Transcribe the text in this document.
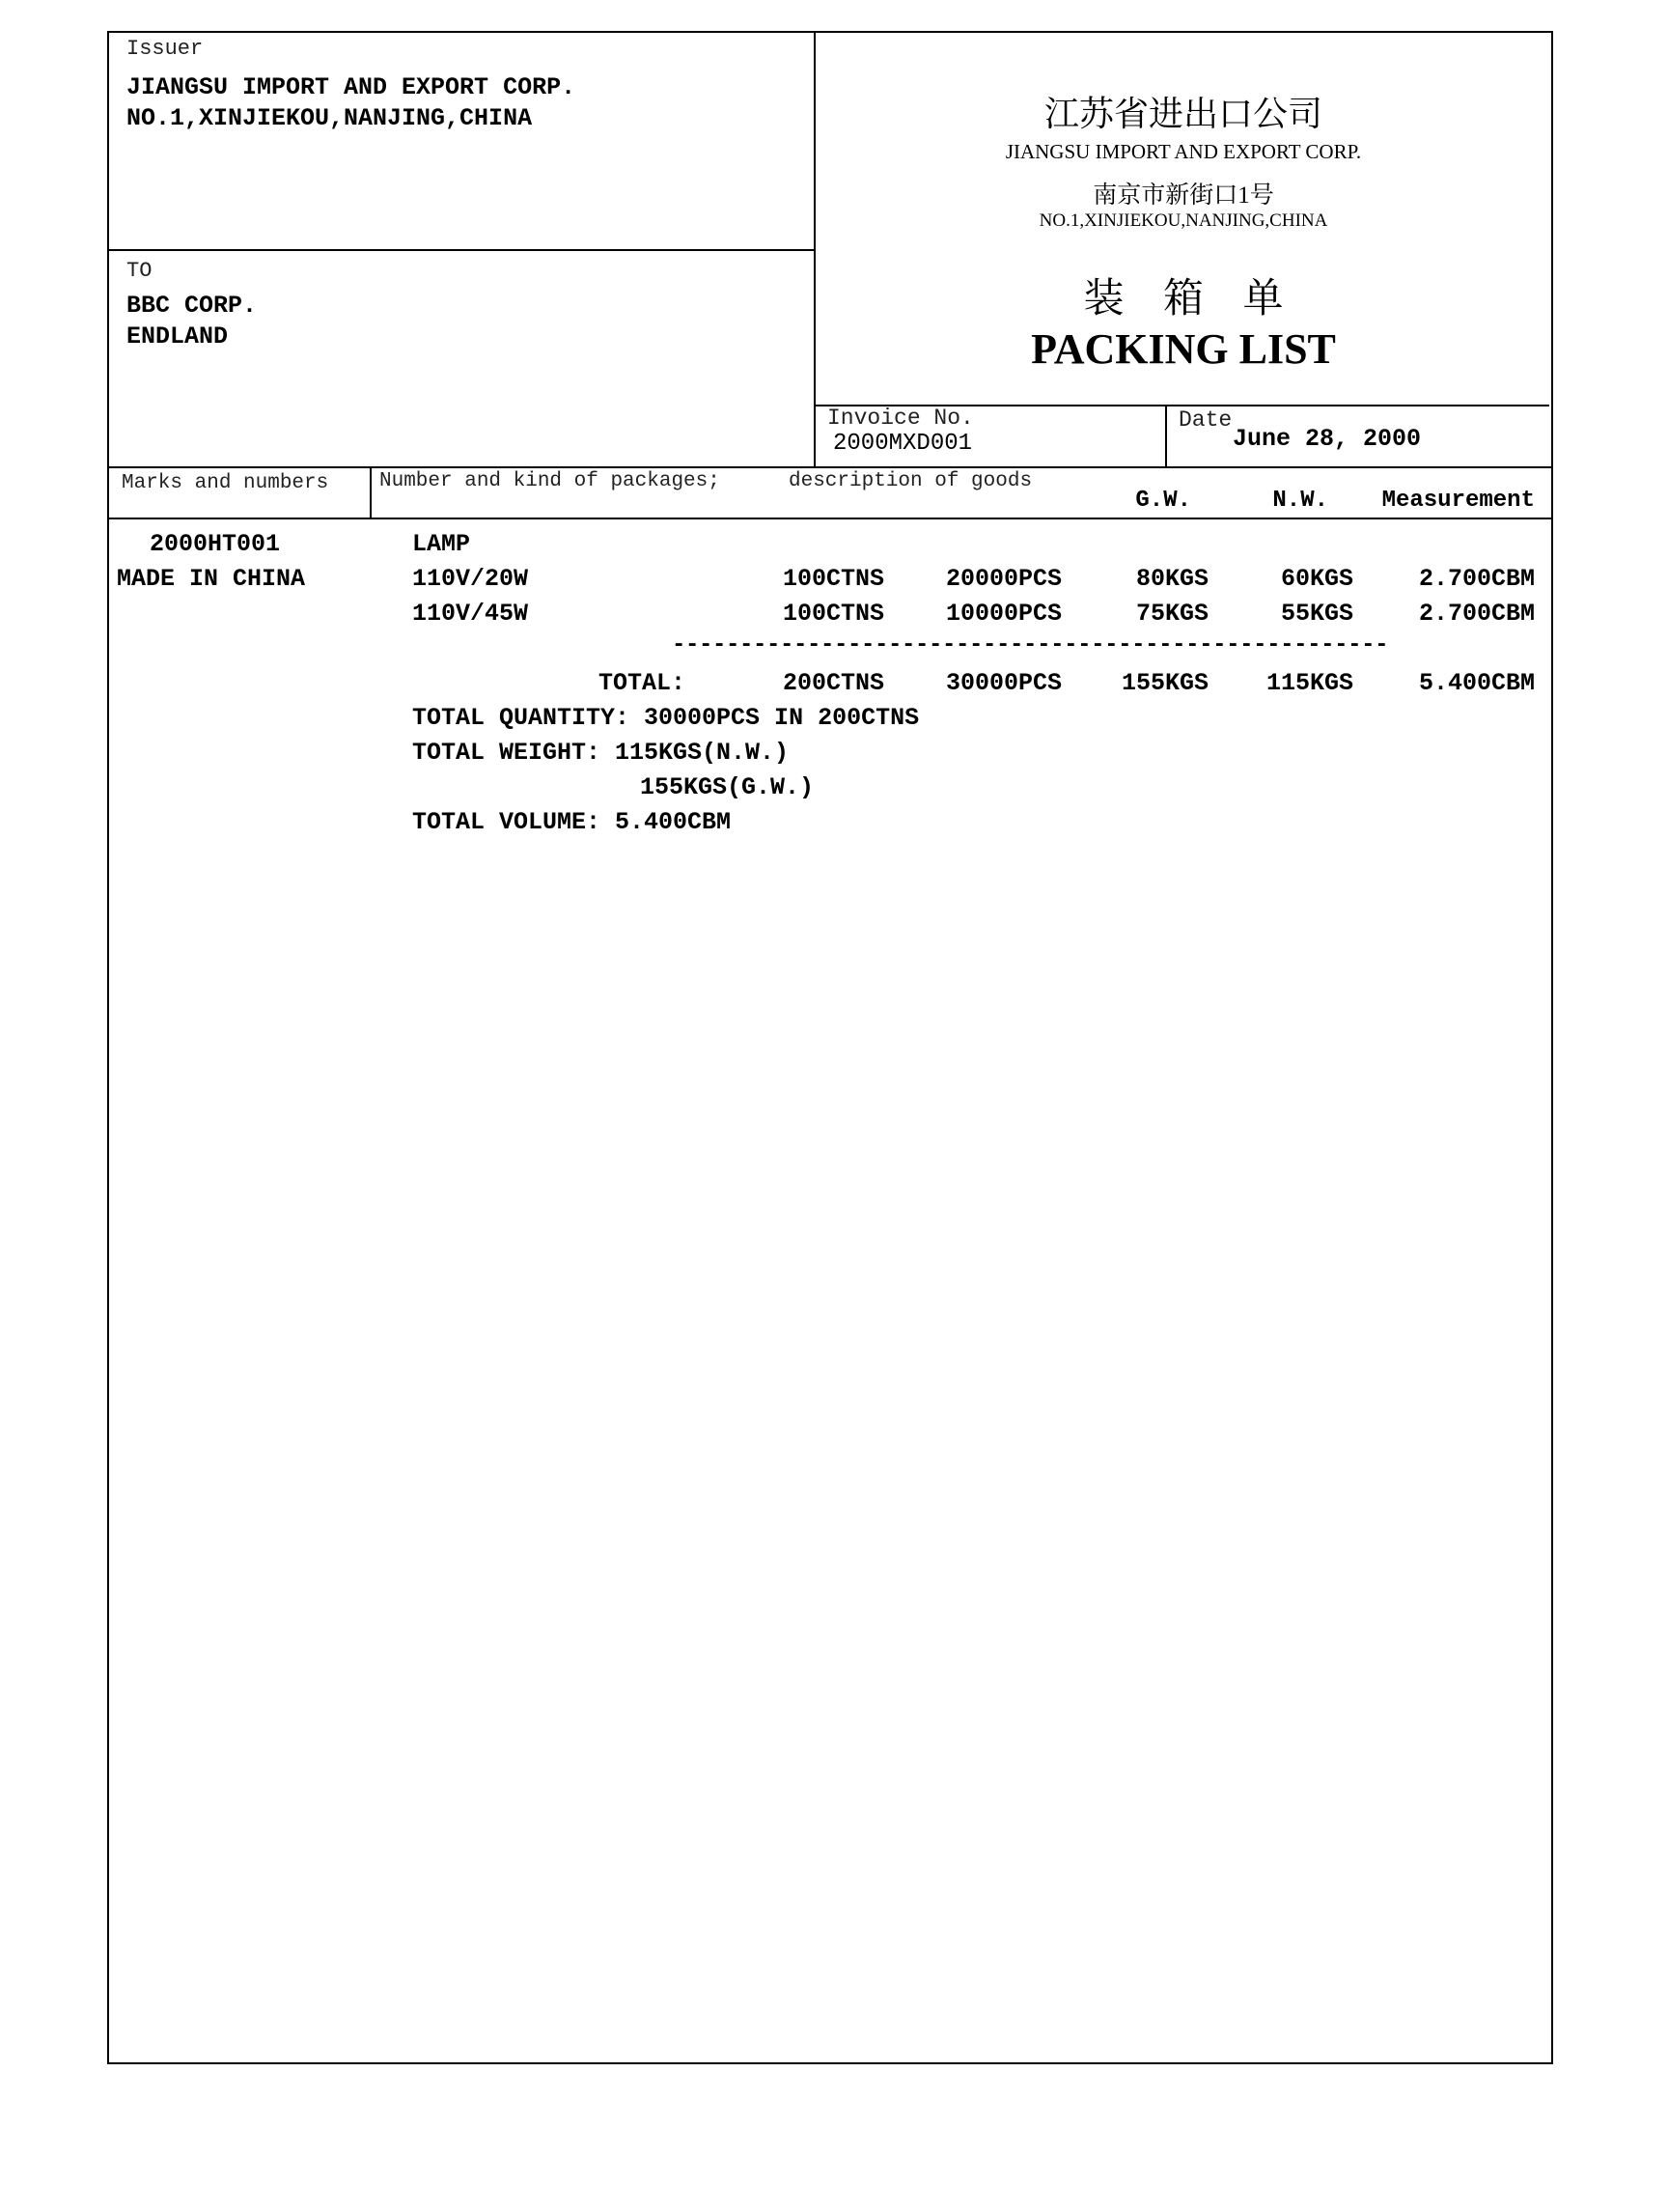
Issuer
JIANGSU IMPORT AND EXPORT CORP.
NO.1,XINJIEKOU,NANJING,CHINA
TO
BBC CORP.
ENDLAND
江苏省进出口公司
JIANGSU IMPORT AND EXPORT CORP.
南京市新街口1号
NO.1,XINJIEKOU,NANJING,CHINA
装 箱 单
PACKING LIST
Invoice No.
2000MXD001
Date
June 28, 2000
Marks and numbers	Number and kind of packages;	description of goods
G.W.	N.W.	Measurement
2000HT001
MADE IN CHINA
LAMP
110V/20W	100CTNS	20000PCS	80KGS	60KGS	2.700CBM
110V/45W	100CTNS	10000PCS	75KGS	55KGS	2.700CBM
-----------------------------------------------------
TOTAL:	200CTNS	30000PCS	155KGS	115KGS	5.400CBM
TOTAL QUANTITY: 30000PCS IN 200CTNS
TOTAL WEIGHT: 115KGS(N.W.)
155KGS(G.W.)
TOTAL VOLUME: 5.400CBM
